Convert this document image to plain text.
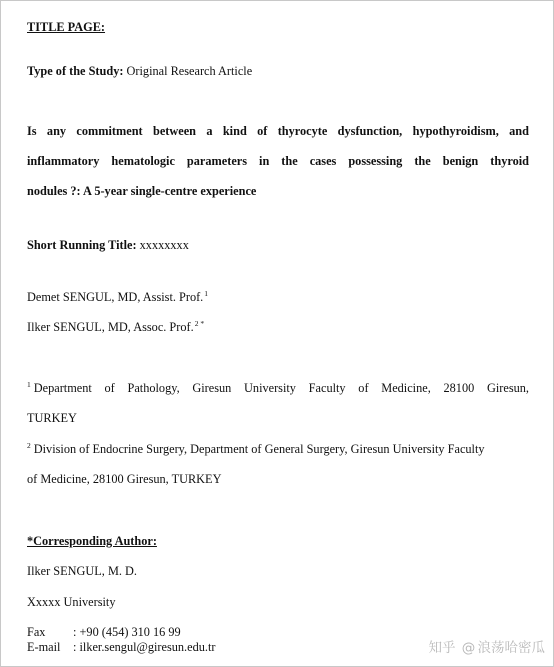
TITLE PAGE:
Type of the Study: Original Research Article
Is any commitment between a kind of thyrocyte dysfunction, hypothyroidism, and
inflammatory hematologic parameters in the cases possessing the benign thyroid
nodules ?: A 5-year single-centre experience
Short Running Title: xxxxxxxx
Demet SENGUL, MD, Assist. Prof.$^1$
Ilker SENGUL, MD, Assoc. Prof.$^{2 *}$
$^1$ Department of Pathology, Giresun University Faculty of Medicine, 28100 Giresun,
TURKEY
$^2$ Division of Endocrine Surgery, Department of General Surgery, Giresun University Faculty
of Medicine, 28100 Giresun, TURKEY
*Corresponding Author:
Ilker SENGUL, M. D.
Xxxxx University
Fax : +90 (454) 310 16 99
E-mail : ilker.sengul@giresun.edu.tr	知乎 @ 浪荡哈密瓜
